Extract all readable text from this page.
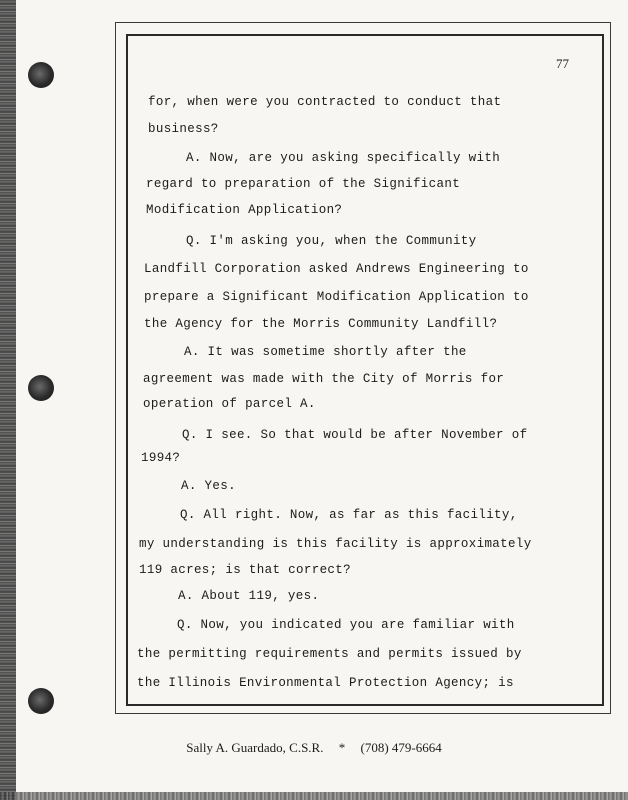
77
for, when were you contracted to conduct that
business?
A. Now, are you asking specifically with
regard to preparation of the Significant
Modification Application?
Q. I'm asking you, when the Community
Landfill Corporation asked Andrews Engineering to
prepare a Significant Modification Application to
the Agency for the Morris Community Landfill?
A. It was sometime shortly after the
agreement was made with the City of Morris for
operation of parcel A.
Q. I see. So that would be after November of
1994?
A. Yes.
Q. All right. Now, as far as this facility,
my understanding is this facility is approximately
119 acres; is that correct?
A. About 119, yes.
Q. Now, you indicated you are familiar with
the permitting requirements and permits issued by
the Illinois Environmental Protection Agency; is
Sally A. Guardado, C.S.R. * (708) 479-6664
